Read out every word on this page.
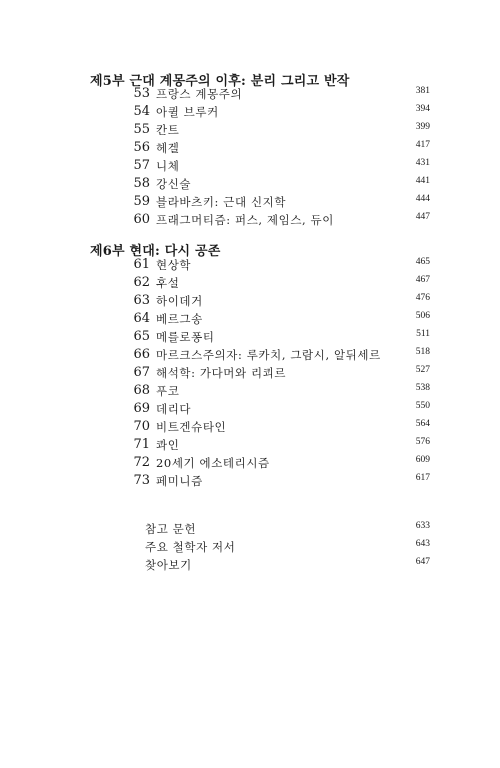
제5부 근대 계몽주의 이후: 분리 그리고 반작
53 프랑스 계몽주의	381
54 아퀼 브루커	394
55 칸트	399
56 헤겔	417
57 니체	431
58 강신술	441
59 블라바츠키: 근대 신지학	444
60 프래그머티즘: 퍼스, 제임스, 듀이	447
제6부 현대: 다시 공존
61 현상학	465
62 후설	467
63 하이데거	476
64 베르그송	506
65 메를로퐁티	511
66 마르크스주의자: 루카치, 그람시, 알뒤세르	518
67 해석학: 가다머와 리쾨르	527
68 푸코	538
69 데리다	550
70 비트겐슈타인	564
71 콰인	576
72 20세기 에소테리시즘	609
73 페미니즘	617
참고 문헌	633
주요 철학자 저서	643
찾아보기	647
